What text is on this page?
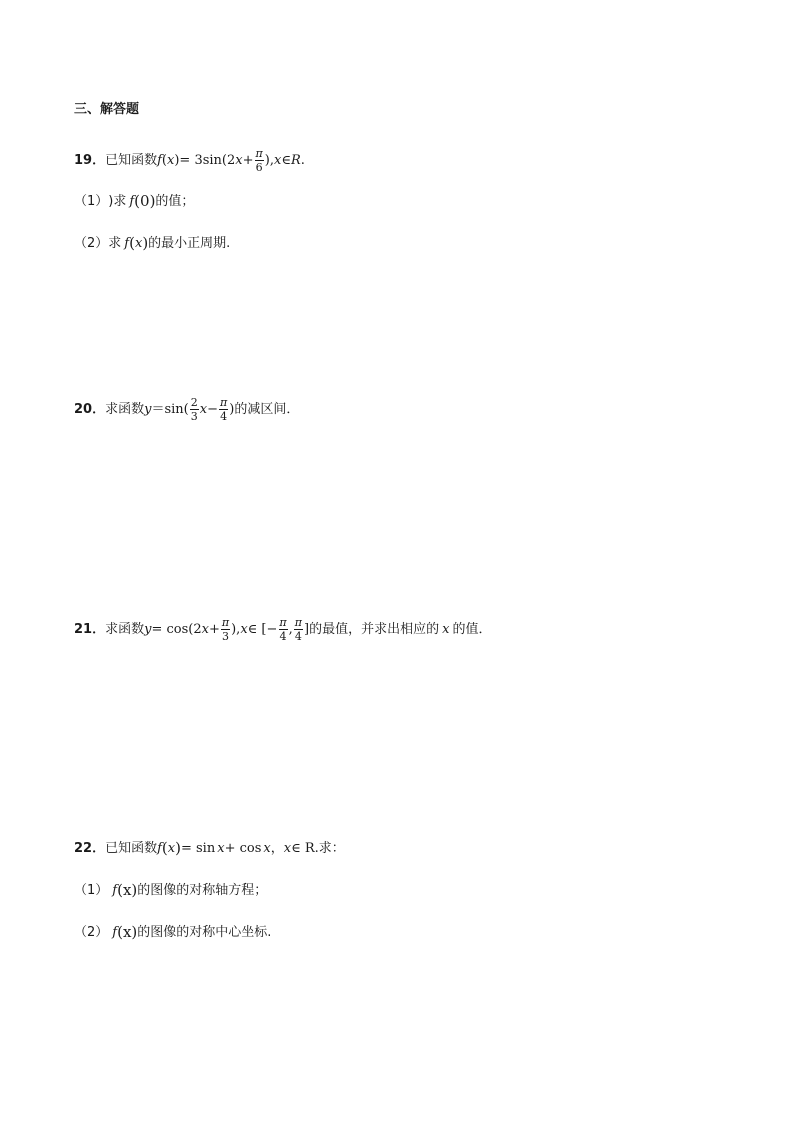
三、解答题
19． 已知函数 f ( x ) = 3sin(2 $x + \frac{\pi}{6}$ ), x ∈ R .
（1） )求 f (0) 的值；
（2） 求 f ( x ) 的最小正周期.
20． 求函数 $y =\sin( \frac{2}{3}$ $x - \frac{\pi}{4}$ ) 的减区间．
21． 求函数 y = cos(2 $x + \frac{\pi}{3}$ ), x ∈ [− $\frac{\pi}{4}$ , $\frac{\pi}{4}$ ] 的最值，并求出相应的 x 的值．
22． 已知函数 f ( x ) = sin x + cos x ， x ∈ R. 求：
（1） f (x) 的图像的对称轴方程；
（2） f (x) 的图像的对称中心坐标.
